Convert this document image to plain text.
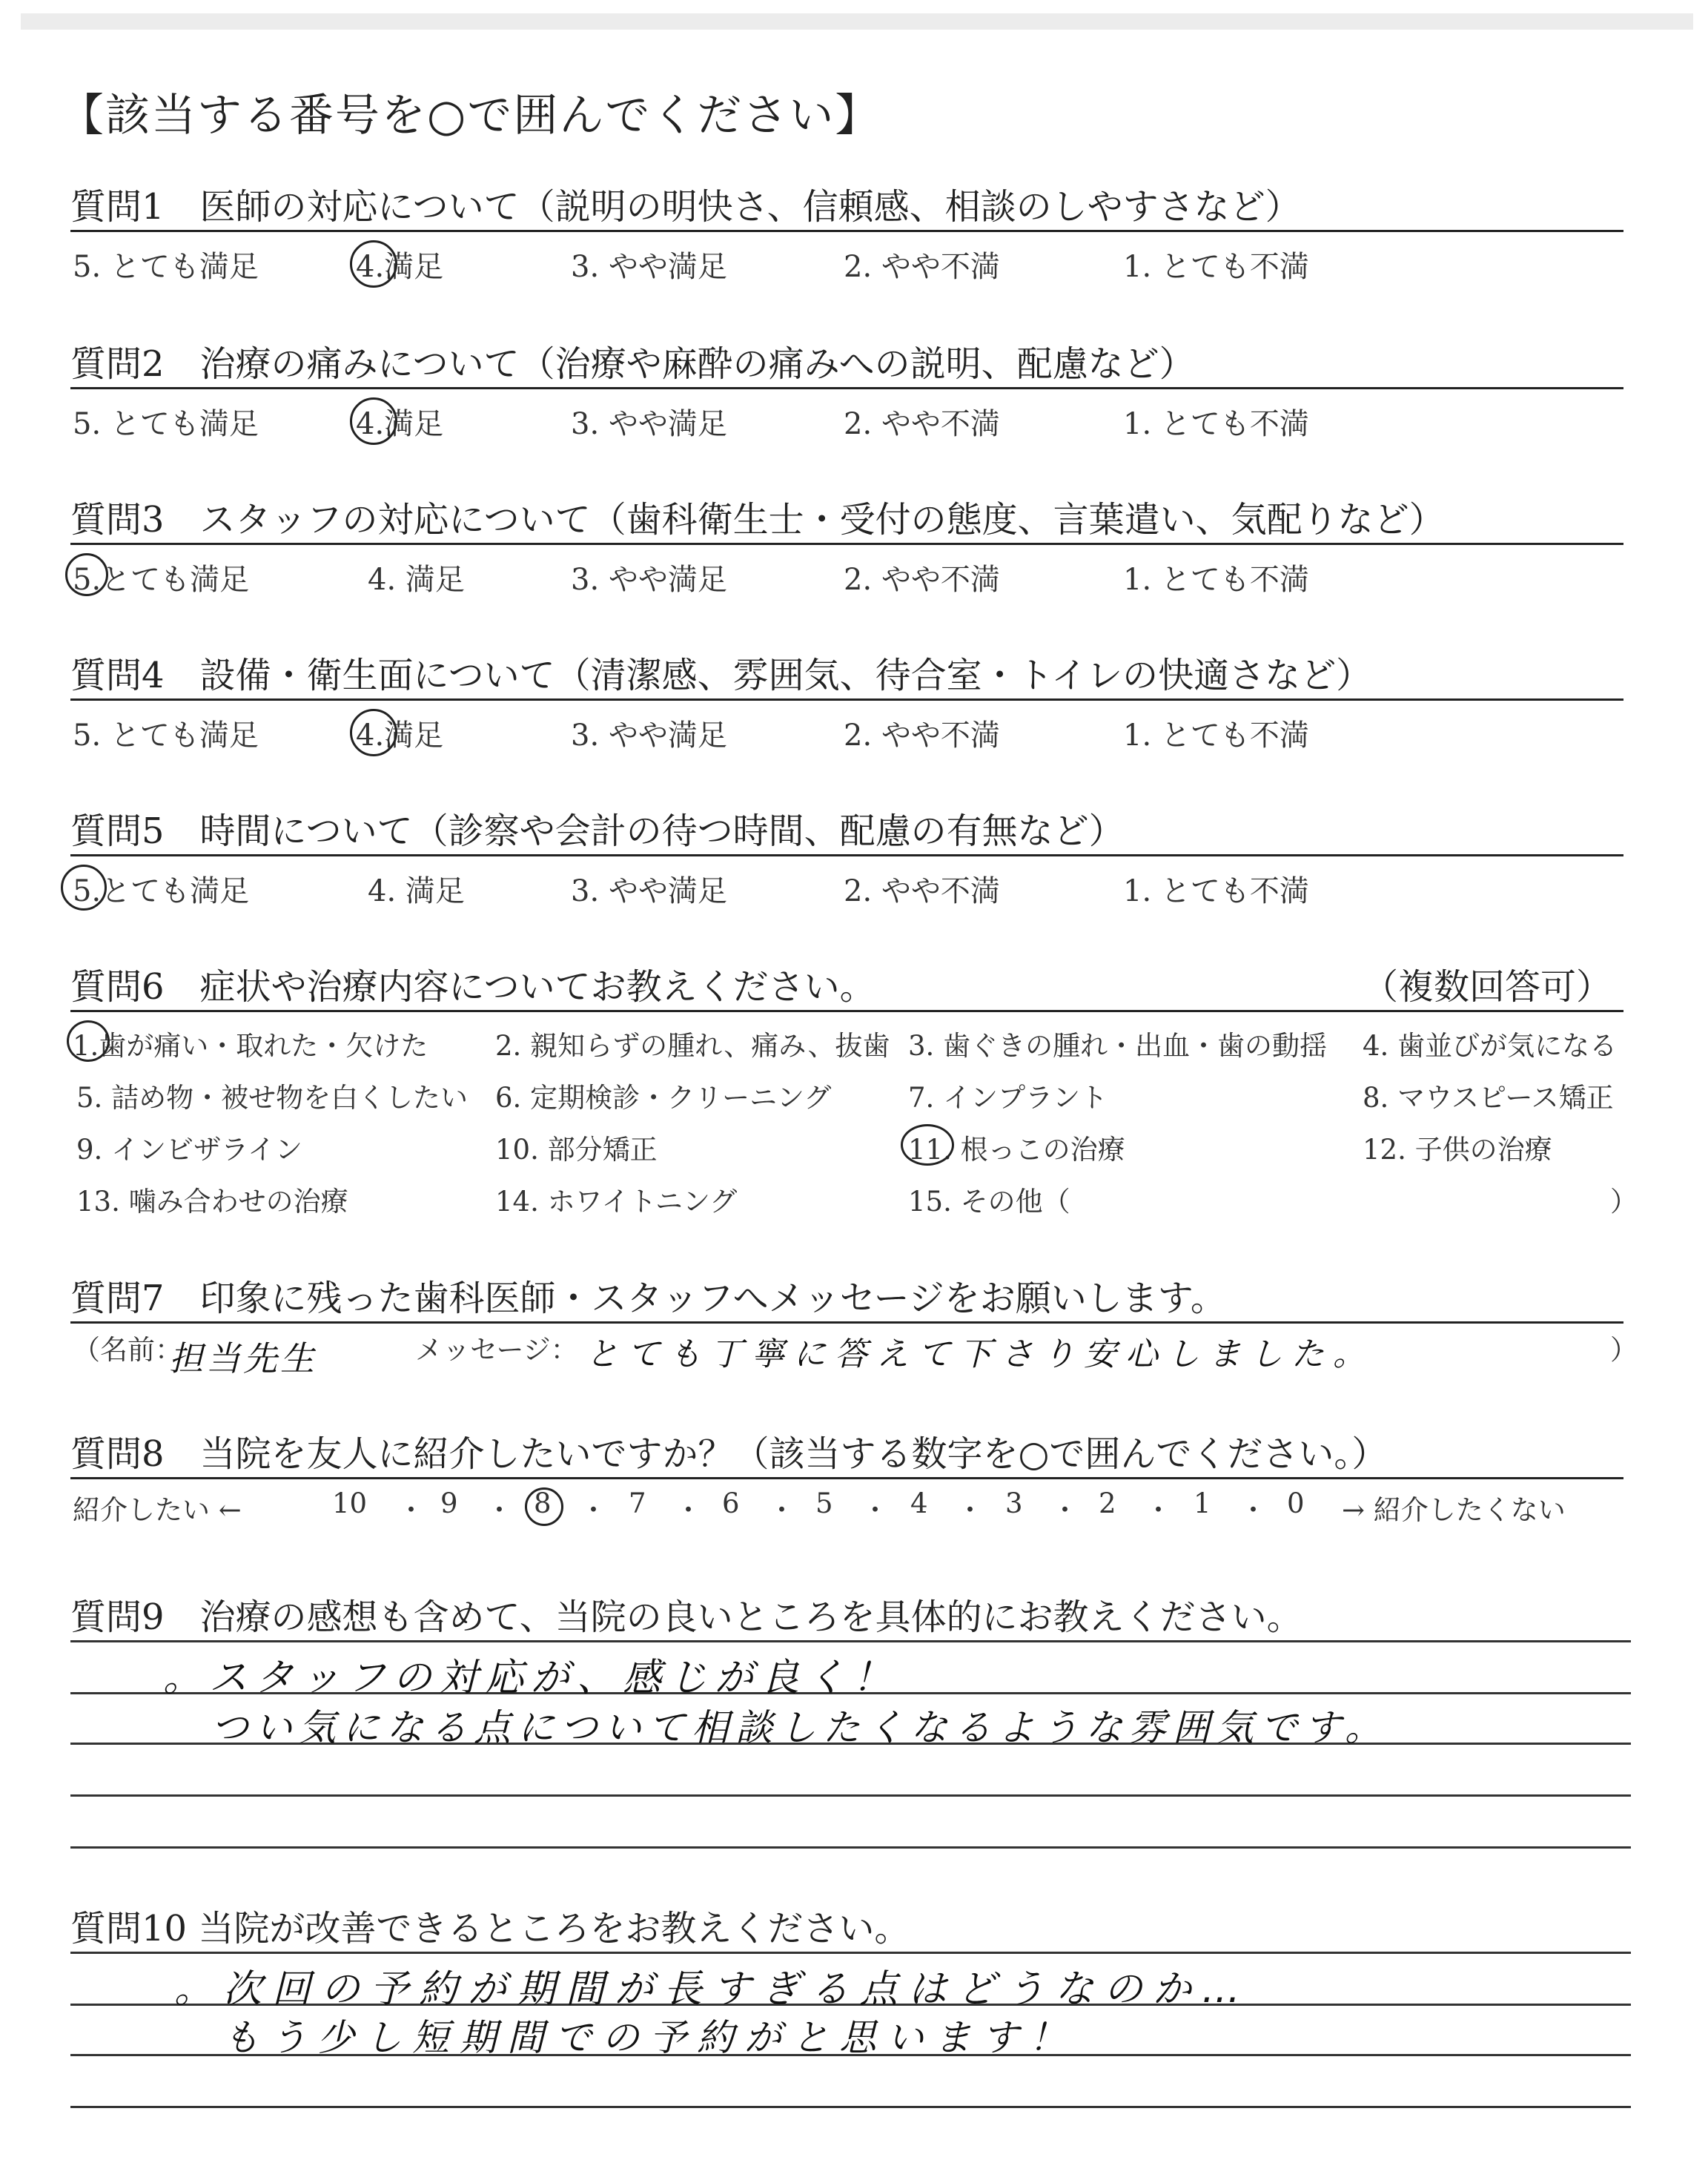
【該当する番号を○で囲んでください】
質問1　医師の対応について（説明の明快さ、信頼感、相談のしやすさなど）
5. とても満足	4.満足	3. やや満足	2. やや不満	1. とても不満
質問2　治療の痛みについて（治療や麻酔の痛みへの説明、配慮など）
5. とても満足	4.満足	3. やや満足	2. やや不満	1. とても不満
質問3　スタッフの対応について（歯科衛生士・受付の態度、言葉遣い、気配りなど）
5.とても満足	4. 満足	3. やや満足	2. やや不満	1. とても不満
質問4　設備・衛生面について（清潔感、雰囲気、待合室・トイレの快適さなど）
5. とても満足	4.満足	3. やや満足	2. やや不満	1. とても不満
質問5　時間について（診察や会計の待つ時間、配慮の有無など）
5.とても満足	4. 満足	3. やや満足	2. やや不満	1. とても不満
質問6　症状や治療内容についてお教えください。	（複数回答可）
1.歯が痛い・取れた・欠けた 2. 親知らずの腫れ、痛み、抜歯 3. 歯ぐきの腫れ・出血・歯の動揺 4. 歯並びが気になる
5. 詰め物・被せ物を白くしたい 6. 定期検診・クリーニング	7. インプラント	8. マウスピース矯正
9. インビザライン	10. 部分矯正	11. 根っこの治療	12. 子供の治療
13. 噛み合わせの治療	14. ホワイトニング	15. その他（	）
質問7　印象に残った歯科医師・スタッフへメッセージをお願いします。
（名前：
担当先生	メッセージ： とても丁寧に答えて下さり安心しました。	）
質問8　当院を友人に紹介したいですか？（該当する数字を○で囲んでください。）
紹介したい ←	→ 紹介したくない
10 ・ 9 ・ 8 ・ 7 ・ 6 ・ 5 ・ 4 ・ 3 ・ 2 ・ 1 ・ 0
質問9　治療の感想も含めて、当院の良いところを具体的にお教えください。
。スタッフの対応が、感じが良く！
つい気になる点について相談したくなるような雰囲気です。
質問10 当院が改善できるところをお教えください。
。次回の予約が期間が長すぎる点はどうなのか…
もう少し短期間での予約がと思います！
